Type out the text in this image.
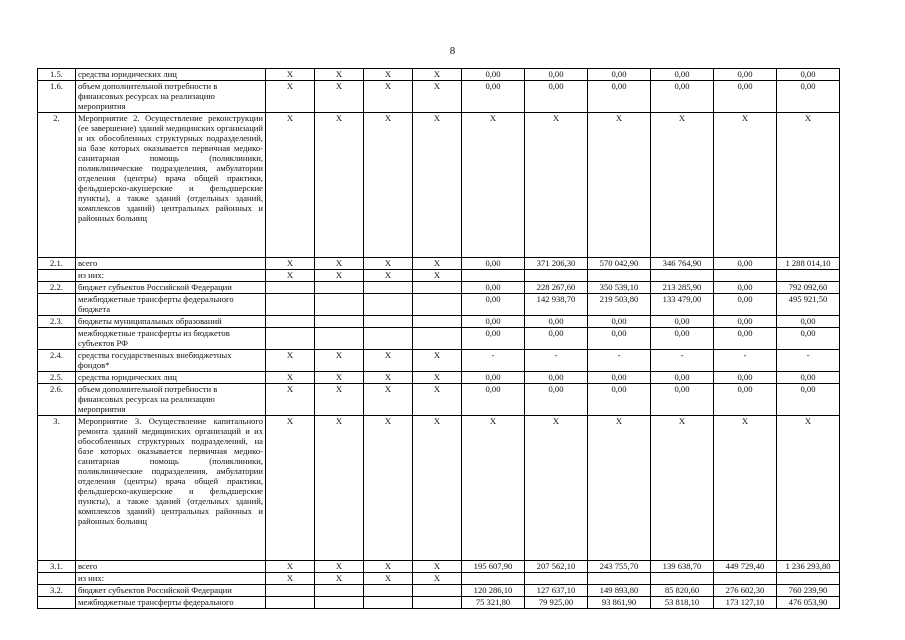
8
1.5.	средства юридических лиц	Х	Х	Х	Х	0,00	0,00	0,00	0,00	0,00	0,00
1.6.	объем дополнительной потребности в финансовых ресурсах на реализацию мероприятия	Х	Х	Х	Х	0,00	0,00	0,00	0,00	0,00	0,00
2.	Мероприятие 2. Осуществление реконструкции (ее завершение) зданий медицинских организаций и их обособленных структурных подразделений, на базе которых оказывается первичная медико- санитарная помощь (поликлиники, поликлинические подразделения, амбулатории отделения (центры) врача общей практики, фельдшерско-акушерские и фельдшерские пункты), а также зданий (отдельных зданий, комплексов зданий) центральных районных и районных больниц	Х	Х	Х	Х	Х	Х	Х	Х	Х	Х
2.1.	всего	Х	Х	Х	Х	0,00	371 206,30	570 042,90	346 764,90	0,00	1 288 014,10
	из них:	Х	Х	Х	Х						
2.2.	бюджет субъектов Российской Федерации					0,00	228 267,60	350 539,10	213 285,90	0,00	792 092,60
	межбюджетные трансферты федерального бюджета					0,00	142 938,70	219 503,80	133 479,00	0,00	495 921,50
2.3.	бюджеты муниципальных образований					0,00	0,00	0,00	0,00	0,00	0,00
	межбюджетные трансферты из бюджетов субъектов РФ					0,00	0,00	0,00	0,00	0,00	0,00
2.4.	средства государственных внебюджетных фондов*	Х	Х	Х	Х	-	-	-	-	-	-
2.5.	средства юридических лиц	Х	Х	Х	Х	0,00	0,00	0,00	0,00	0,00	0,00
2.6.	объем дополнительной потребности в финансовых ресурсах на реализацию мероприятия	Х	Х	Х	Х	0,00	0,00	0,00	0,00	0,00	0,00
3.	Мероприятие 3. Осуществление капитального ремонта зданий медицинских организаций и их обособленных структурных подразделений, на базе которых оказывается первичная медико-санитарная помощь (поликлиники, поликлинические подразделения, амбулатории отделения (центры) врача общей практики, фельдшерско-акушерские и фельдшерские пункты), а также зданий (отдельных зданий, комплексов зданий) центральных районных и районных больниц	Х	Х	Х	Х	Х	Х	Х	Х	Х	Х
3.1.	всего	Х	Х	Х	Х	195 607,90	207 562,10	243 755,70	139 638,70	449 729,40	1 236 293,80
	из них:	Х	Х	Х	Х						
3.2.	бюджет субъектов Российской Федерации					120 286,10	127 637,10	149 893,80	85 820,60	276 602,30	760 239,90
	межбюджетные трансферты федерального					75 321,80	79 925,00	93 861,90	53 818,10	173 127,10	476 053,90
